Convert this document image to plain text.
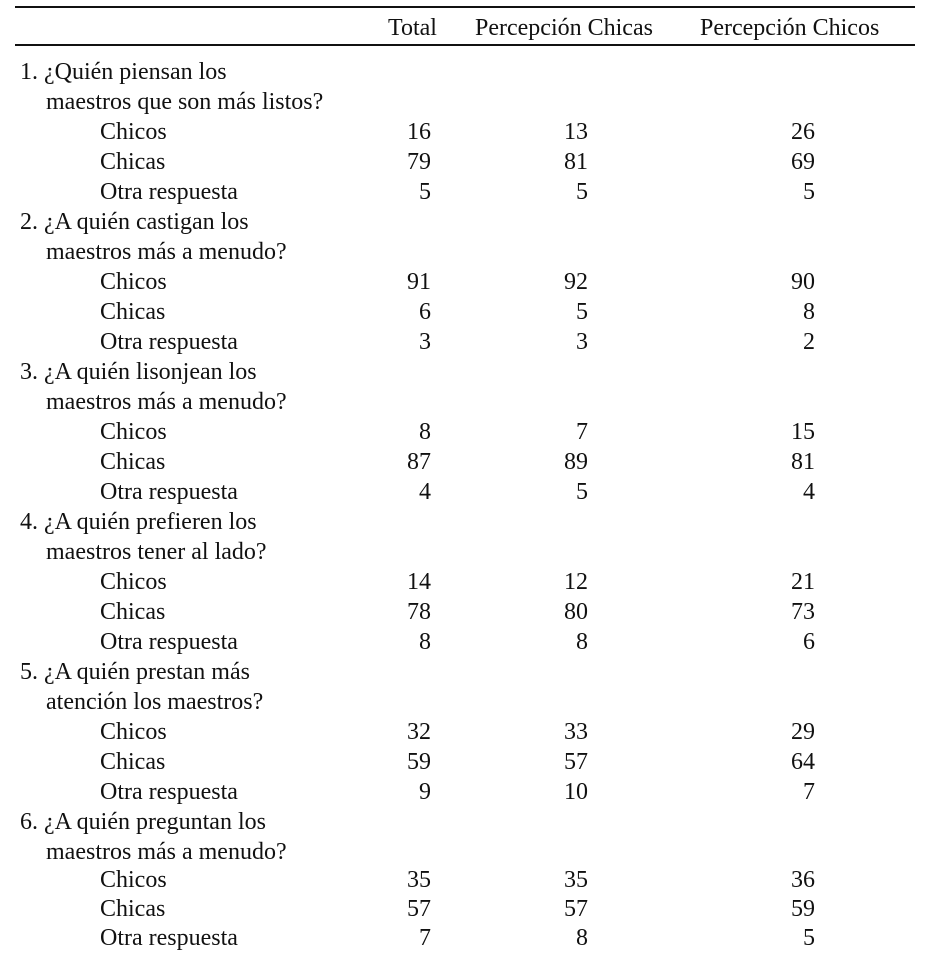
Total Percepción Chicas Percepción Chicos
1. ¿Quién piensan los
maestros que son más listos?
Chicos	16	13	26
Chicas	79	81	69
Otra respuesta	5	5	5
2. ¿A quién castigan los
maestros más a menudo?
Chicos	91	92	90
Chicas	6	5	8
Otra respuesta	3	3	2
3. ¿A quién lisonjean los
maestros más a menudo?
Chicos	8	7	15
Chicas	87	89	81
Otra respuesta	4	5	4
4. ¿A quién prefieren los
maestros tener al lado?
Chicos	14	12	21
Chicas	78	80	73
Otra respuesta	8	8	6
5. ¿A quién prestan más
atención los maestros?
Chicos	32	33	29
Chicas	59	57	64
Otra respuesta	9	10	7
6. ¿A quién preguntan los
maestros más a menudo?
Chicos	35	35	36
Chicas	57	57	59
Otra respuesta	7	8	5
